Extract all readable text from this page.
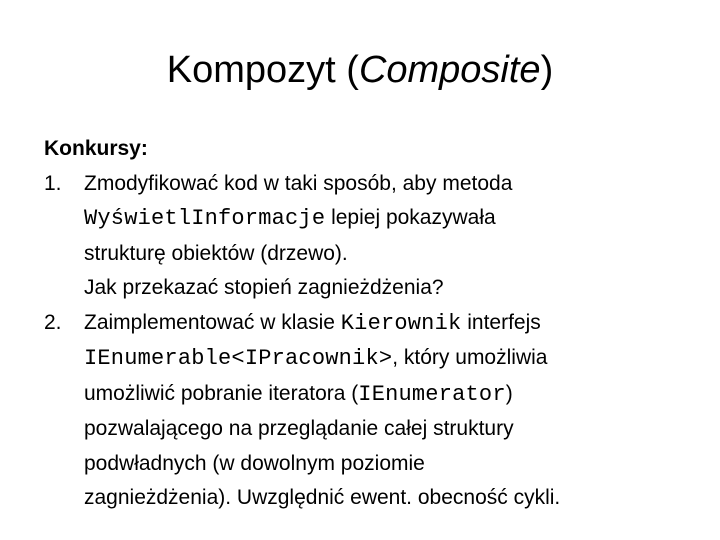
Kompozyt (Composite)
Konkursy:
1. Zmodyfikować kod w taki sposób, aby metoda
WyświetlInformacje lepiej pokazywała
strukturę obiektów (drzewo).
Jak przekazać stopień zagnieżdżenia?
2. Zaimplementować w klasie Kierownik interfejs
IEnumerable<IPracownik>, który umożliwia
umożliwić pobranie iteratora (IEnumerator)
pozwalającego na przeglądanie całej struktury
podwładnych (w dowolnym poziomie
zagnieżdżenia). Uwzględnić ewent. obecność cykli.
